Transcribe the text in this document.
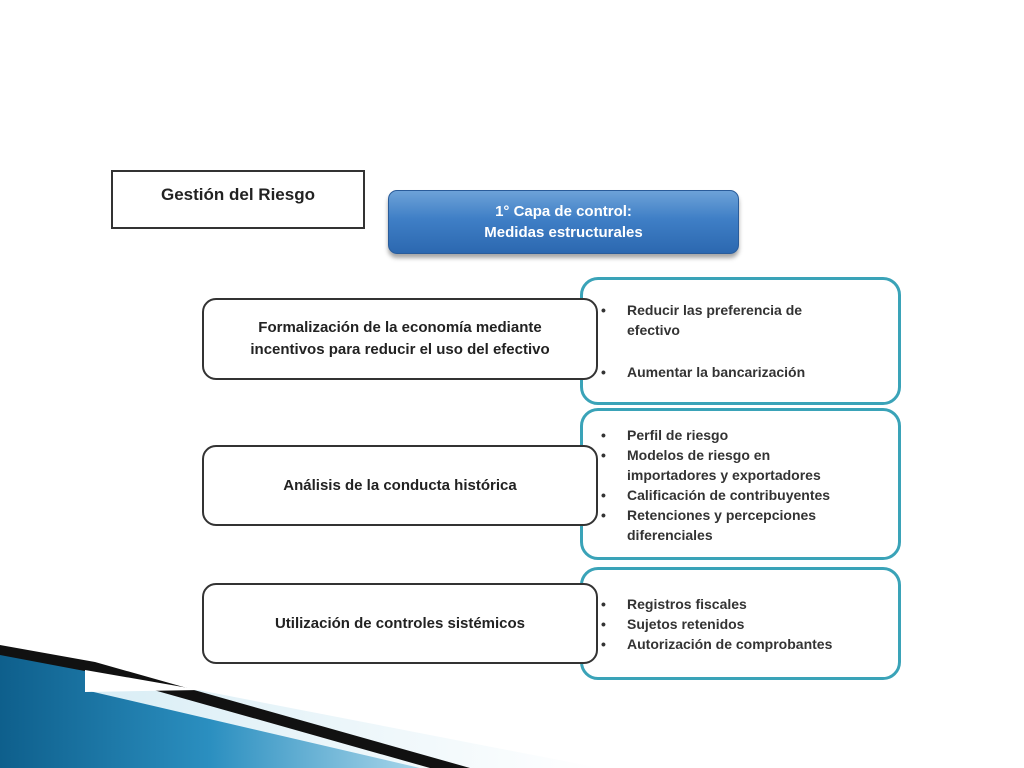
Gestión del Riesgo
1° Capa de control:
Medidas estructurales
• Reducir las preferencia de efectivo
• Aumentar la bancarización
Formalización de la economía mediante
incentivos para reducir el uso del efectivo
• Perfil de riesgo
• Modelos de riesgo en importadores y exportadores
• Calificación de contribuyentes
• Retenciones y percepciones diferenciales
Análisis de la conducta histórica
• Registros fiscales
• Sujetos retenidos
• Autorización de comprobantes
Utilización de controles sistémicos
